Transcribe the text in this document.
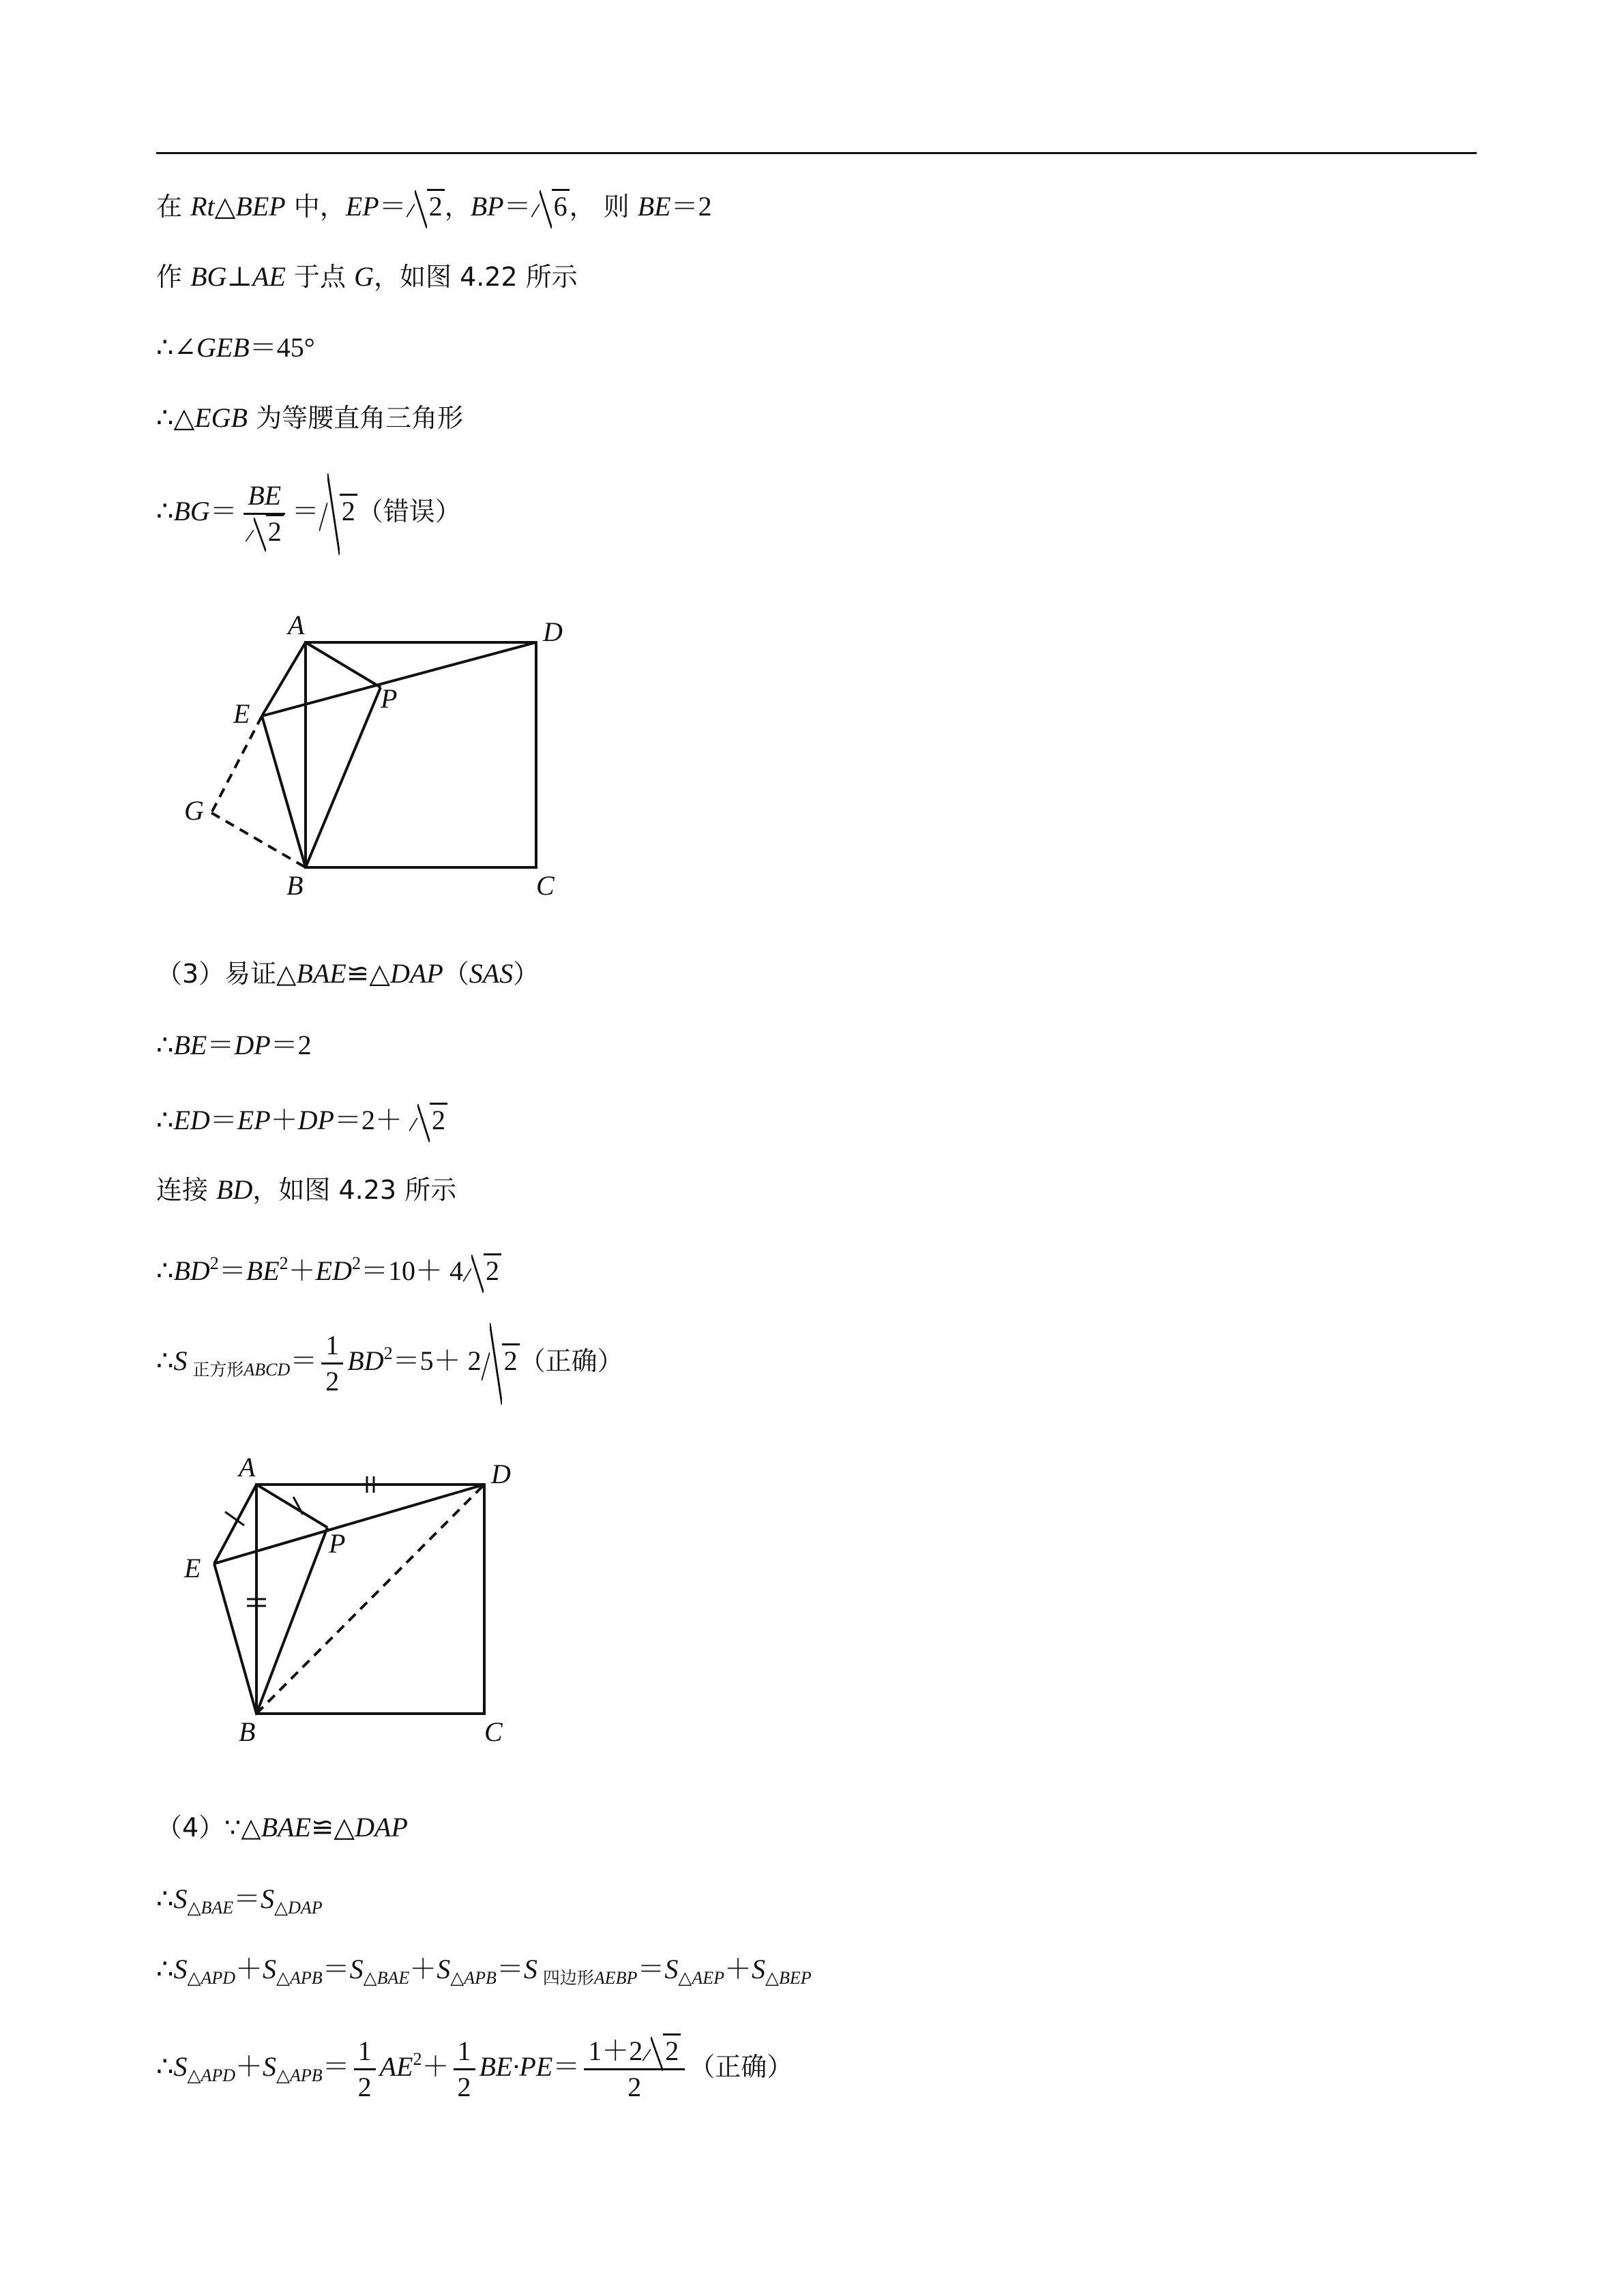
在 Rt△BEP 中，EP＝ 2，BP＝ 6， 则 BE＝2
作 BG⊥AE 于点 G，如图 4.22 所示
∴∠GEB＝45°
∴△EGB 为等腰直角三角形
∴BG＝ $\frac{BE}{2} = 2$（错误）
A	D
E	P
G
B	C
（3）易证△BAE≌△DAP（SAS）
∴BE＝DP＝2
∴ED＝EP＋DP＝2＋ 2
连接 BD，如图 4.23 所示
$\therefore BD^2=BE^2+ED^2=10+ 4$ 2
∴S $_{正方形ABCD}= \frac{1}{2} BD^2=5+ 2$ 2（正确）
A	D
E
P
B	C
（4）∵△BAE≌△DAP
$\therefore S_{\triangle BAE}=S_{\triangle DAP}$
$\therefore S_{\triangle APD}+S_{\triangle APB}=S_{\triangle BAE}+S_{\triangle APB}=S$ $_{四边形AEBP}=S_{\triangle AEP}+S_{\triangle BEP}$
$\therefore S_{\triangle APD}+S_{\triangle APB}= \frac{1}{2} AE^2+ \frac{1}{2} BE\cdot PE= \frac{1+2 2}{2}$ （正确）
